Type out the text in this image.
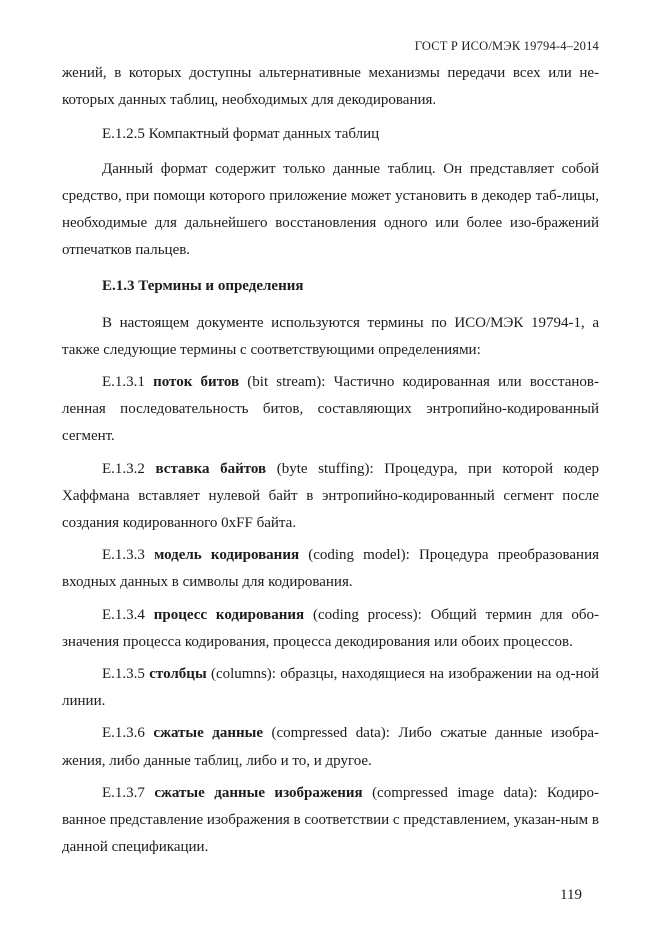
ГОСТ Р ИСО/МЭК 19794-4–2014

жений, в которых доступны альтернативные механизмы передачи всех или не-которых данных таблиц, необходимых для декодирования.

E.1.2.5 Компактный формат данных таблиц

Данный формат содержит только данные таблиц. Он представляет собой средство, при помощи которого приложение может установить в декодер таб-лицы, необходимые для дальнейшего восстановления одного или более изо-бражений отпечатков пальцев.

E.1.3 Термины и определения

В настоящем документе используются термины по ИСО/МЭК 19794-1, а также следующие термины с соответствующими определениями:

E.1.3.1 поток битов (bit stream): Частично кодированная или восстанов-ленная последовательность битов, составляющих энтропийно-кодированный сегмент.

E.1.3.2 вставка байтов (byte stuffing): Процедура, при которой кодер Хаффмана вставляет нулевой байт в энтропийно-кодированный сегмент после создания кодированного 0xFF байта.

E.1.3.3 модель кодирования (coding model): Процедура преобразования входных данных в символы для кодирования.

E.1.3.4 процесс кодирования (coding process): Общий термин для обо-значения процесса кодирования, процесса декодирования или обоих процессов.

E.1.3.5 столбцы (columns): образцы, находящиеся на изображении на од-ной линии.

E.1.3.6 сжатые данные (compressed data): Либо сжатые данные изобра-жения, либо данные таблиц, либо и то, и другое.

E.1.3.7 сжатые данные изображения (compressed image data): Кодиро-ванное представление изображения в соответствии с представлением, указан-ным в данной спецификации.

119
